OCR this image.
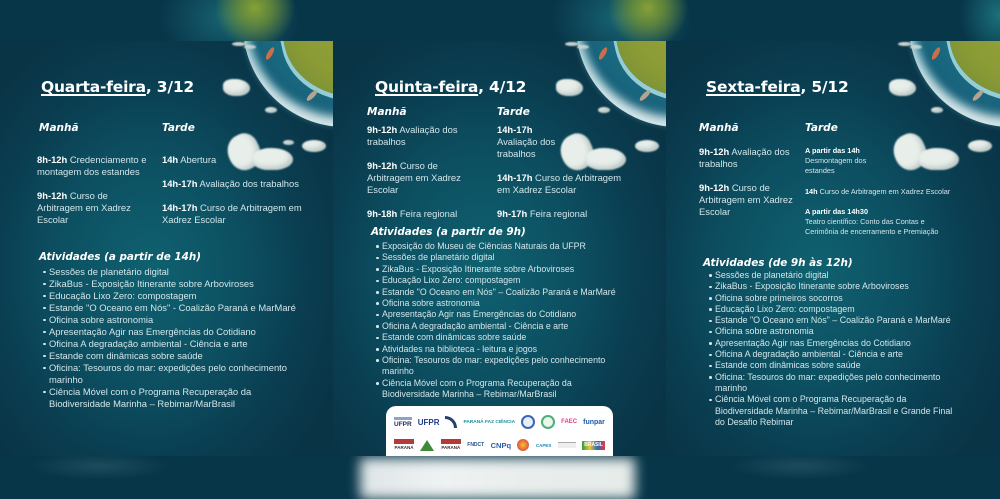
Quarta-feira, 3/12
Manhã	Tarde
8h-12h Credenciamento e montagem dos estandes
9h-12h Curso de Arbitragem em Xadrez Escolar
14h Abertura
14h-17h Avaliação dos trabalhos
14h-17h Curso de Arbitragem em Xadrez Escolar
Atividades (a partir de 14h)
Sessões de planetário digital
ZikaBus - Exposição Itinerante sobre Arboviroses
Educação Lixo Zero: compostagem
Estande "O Oceano em Nós" - Coalizão Paraná e MarMaré
Oficina sobre astronomia
Apresentação Agir nas Emergências do Cotidiano
Oficina A degradação ambiental - Ciência e arte
Estande com dinâmicas sobre saúde
Oficina: Tesouros do mar: expedições pelo conhecimento marinho
Ciência Móvel com o Programa Recuperação da Biodiversidade Marinha – Rebimar/MarBrasil
Quinta-feira, 4/12
Manhã	Tarde
9h-12h Avaliação dos trabalhos
9h-12h Curso de Arbitragem em Xadrez Escolar
9h-18h Feira regional
14h-17h Avaliação dos trabalhos
14h-17h Curso de Arbitragem em Xadrez Escolar
9h-17h Feira regional
Atividades (a partir de 9h)
Exposição do Museu de Ciências Naturais da UFPR
Sessões de planetário digital
ZikaBus - Exposição Itinerante sobre Arboviroses
Educação Lixo Zero: compostagem
Estande "O Oceano em Nós" – Coalizão Paraná e MarMaré
Oficina sobre astronomia
Apresentação Agir nas Emergências do Cotidiano
Oficina A degradação ambiental - Ciência e arte
Estande com dinâmicas sobre saúde
Atividades na biblioteca - leitura e jogos
Oficina: Tesouros do mar: expedições pelo conhecimento marinho
Ciência Móvel com o Programa Recuperação da Biodiversidade Marinha – Rebimar/MarBrasil
UFPR UFPR	PARANÁ FAZ CIÊNCIA	FAEC funpar
PARANÁ	PARANÁ FNDCT CNPq	CAPES	BRASIL
Sexta-feira, 5/12
Manhã	Tarde
9h-12h Avaliação dos trabalhos
9h-12h Curso de Arbitragem em Xadrez Escolar
A partir das 14h
Desmontagem dos estandes
14h Curso de Arbitragem em Xadrez Escolar
A partir das 14h30
Teatro científico: Conto das Contas e
Cerimônia de encerramento e Premiação
Atividades (de 9h às 12h)
Sessões de planetário digital
ZikaBus - Exposição Itinerante sobre Arboviroses
Oficina sobre primeiros socorros
Educação Lixo Zero: compostagem
Estande "O Oceano em Nós" – Coalizão Paraná e MarMaré
Oficina sobre astronomia
Apresentação Agir nas Emergências do Cotidiano
Oficina A degradação ambiental - Ciência e arte
Estande com dinâmicas sobre saúde
Oficina: Tesouros do mar: expedições pelo conhecimento marinho
Ciência Móvel com o Programa Recuperação da Biodiversidade Marinha – Rebimar/MarBrasil e Grande Final do Desafio Rebimar
